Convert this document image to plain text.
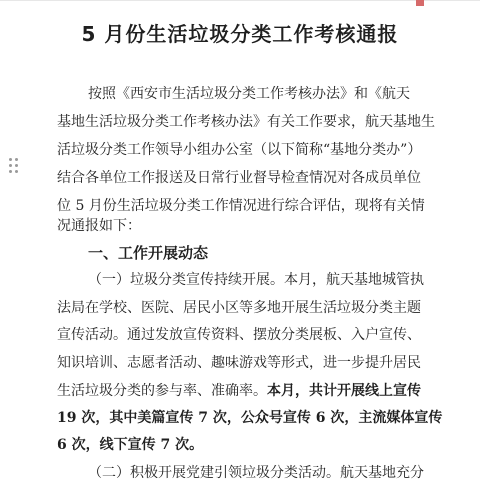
5 月份生活垃圾分类工作考核通报
按照《西安市生活垃圾分类工作考核办法》和《航天
基地生活垃圾分类工作考核办法》有关工作要求，航天基地生
活垃圾分类工作领导小组办公室（以下简称“基地分类办”）
结合各单位工作报送及日常行业督导检查情况对各成员单位
位 5 月份生活垃圾分类工作情况进行综合评估，现将有关情
况通报如下：
一、工作开展动态
（一）垃圾分类宣传持续开展。本月，航天基地城管执
法局在学校、医院、居民小区等多地开展生活垃圾分类主题
宣传活动。通过发放宣传资料、摆放分类展板、入户宣传、
知识培训、志愿者活动、趣味游戏等形式，进一步提升居民
生活垃圾分类的参与率、准确率。本月，共计开展线上宣传
19 次，其中美篇宣传 7 次，公众号宣传 6 次，主流媒体宣传
6 次，线下宣传 7 次。
（二）积极开展党建引领垃圾分类活动。航天基地充分
